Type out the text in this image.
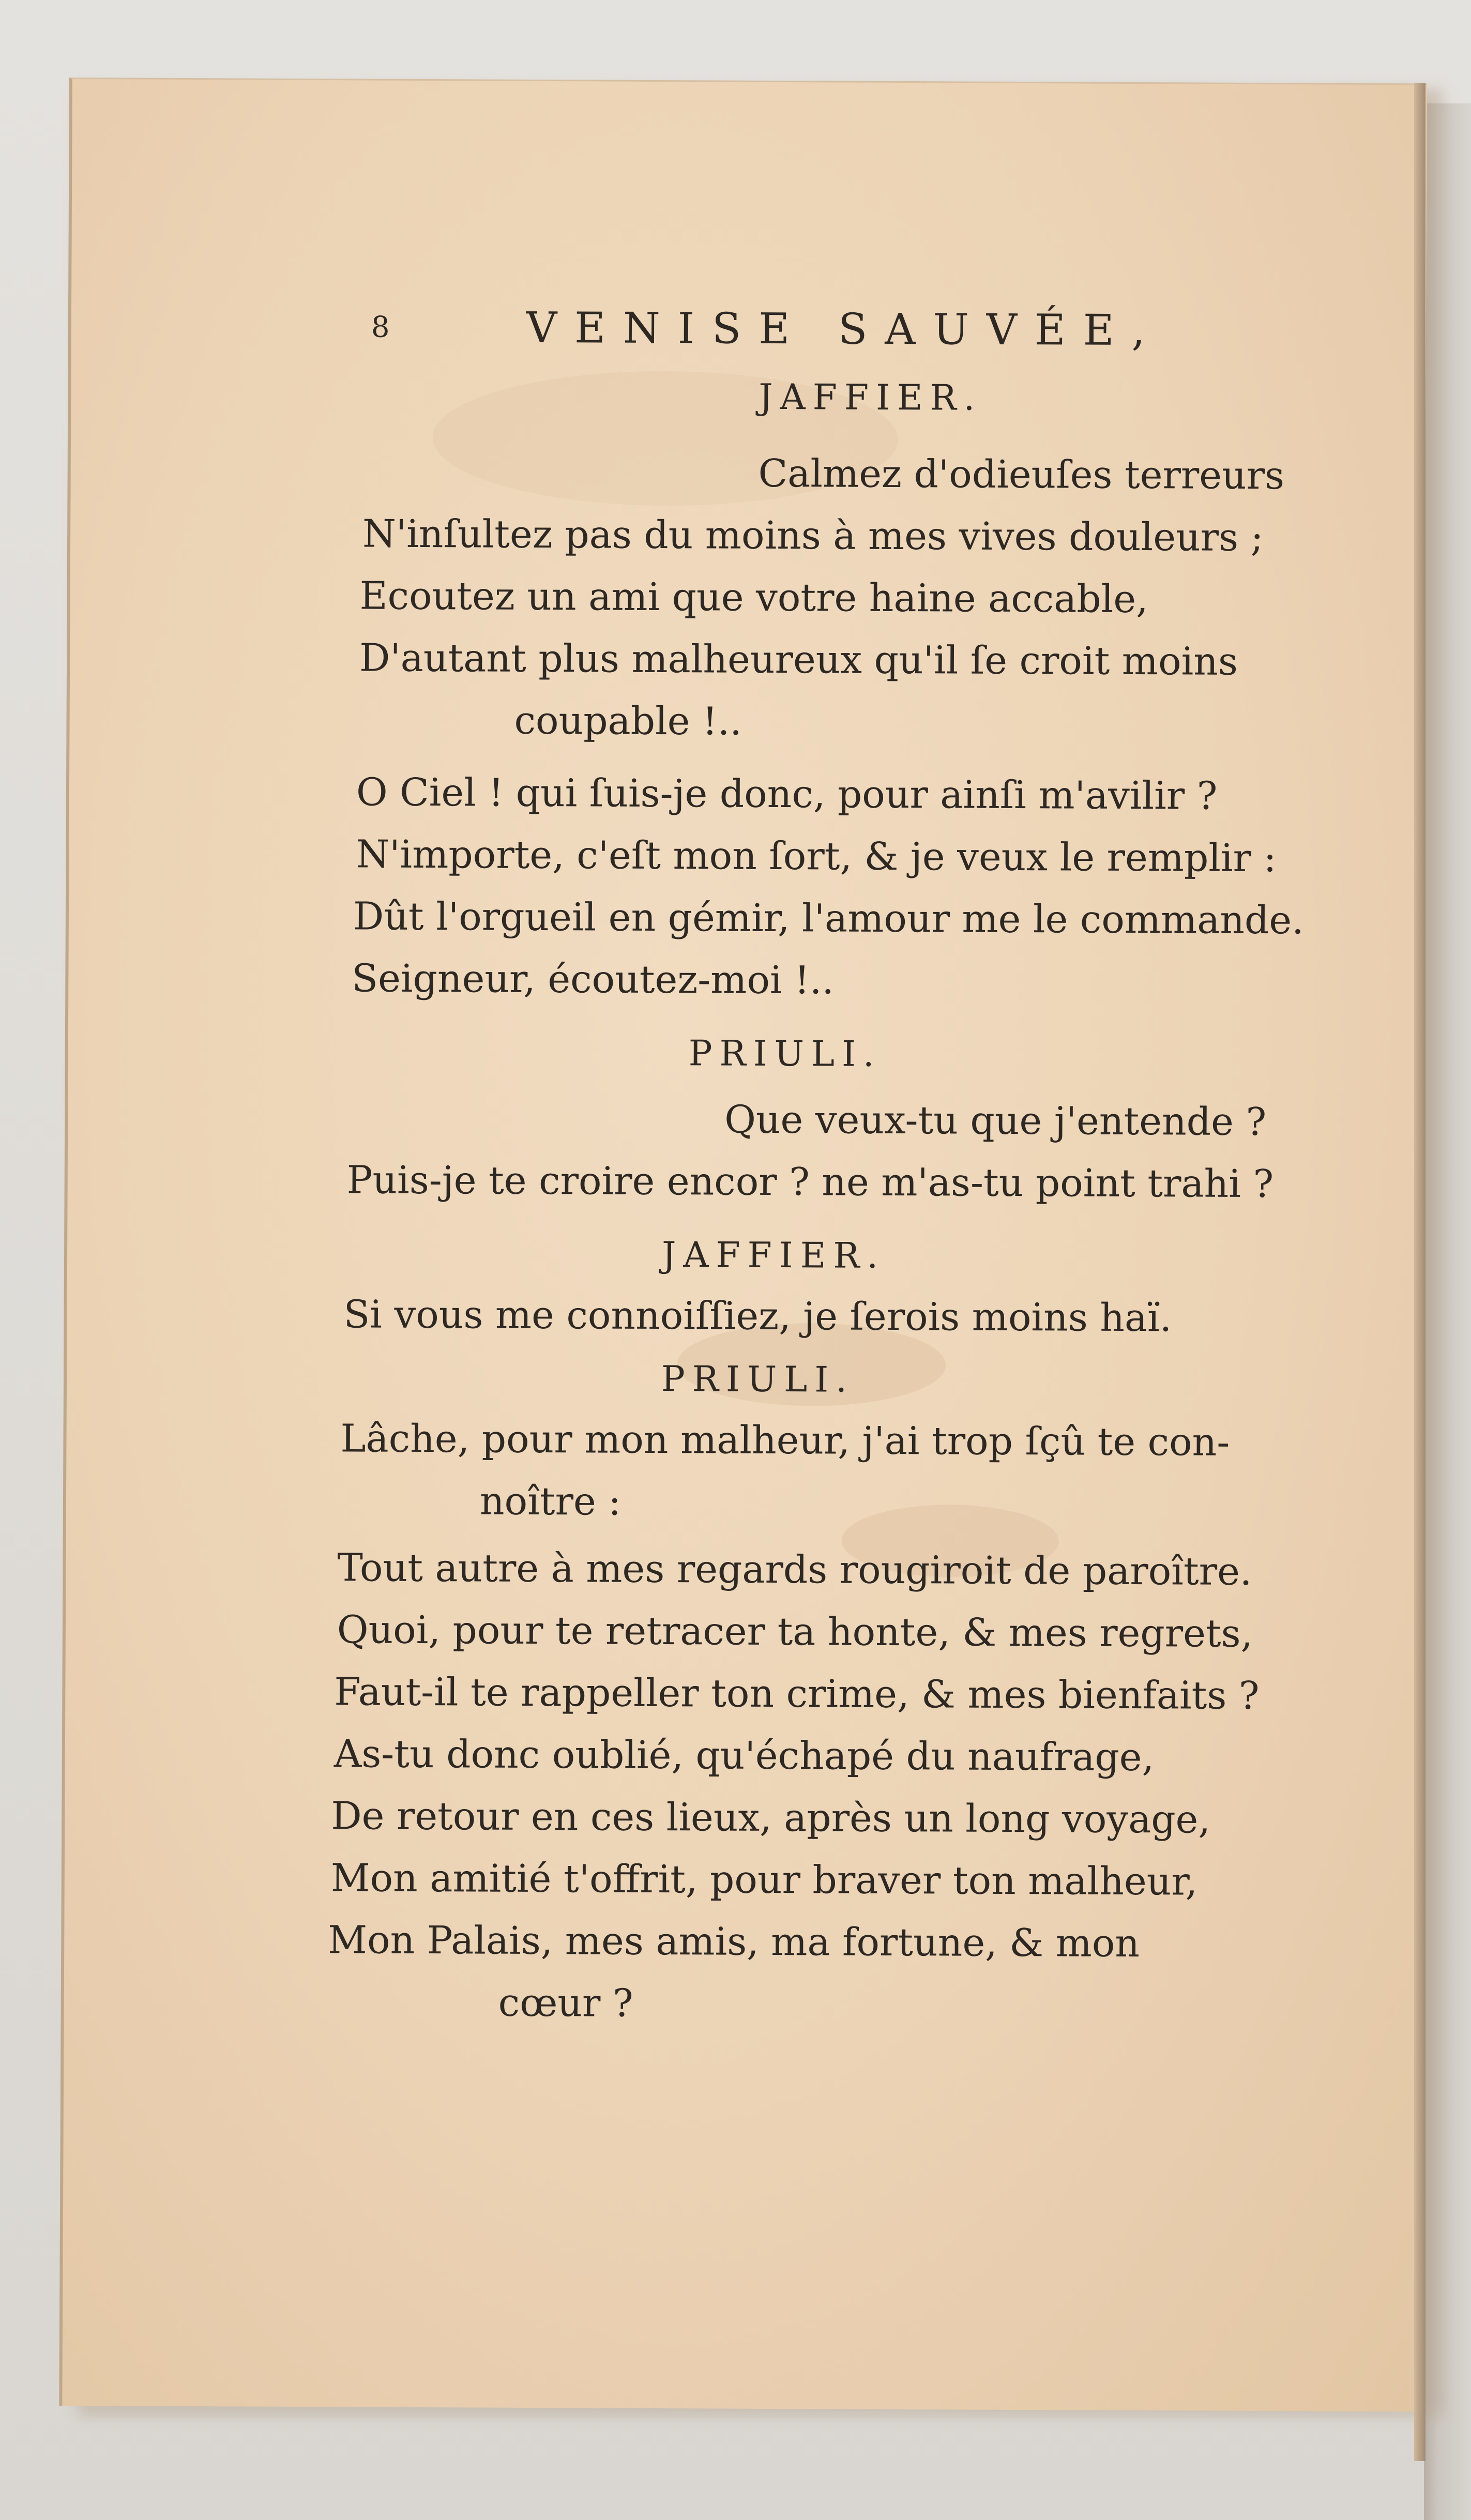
8	VENISE SAUVÉE,
JAFFIER.
Calmez d'odieuſes terreurs
N'inſultez pas du moins à mes vives douleurs ;
Ecoutez un ami que votre haine accable,
D'autant plus malheureux qu'il ſe croit moins
coupable !..
O Ciel ! qui ſuis-je donc, pour ainſi m'avilir ?
N'importe, c'eſt mon ſort, & je veux le remplir :
Dût l'orgueil en gémir, l'amour me le commande.
Seigneur, écoutez-moi !..
PRIULI.
Que veux-tu que j'entende ?
Puis-je te croire encor ? ne m'as-tu point trahi ?
JAFFIER.
Si vous me connoiſſiez, je ſerois moins haï.
PRIULI.
Lâche, pour mon malheur, j'ai trop ſçû te con-
noître :
Tout autre à mes regards rougiroit de paroître.
Quoi, pour te retracer ta honte, & mes regrets,
Faut-il te rappeller ton crime, & mes bienfaits ?
As-tu donc oublié, qu'échapé du naufrage,
De retour en ces lieux, après un long voyage,
Mon amitié t'offrit, pour braver ton malheur,
Mon Palais, mes amis, ma fortune, & mon
cœur ?
